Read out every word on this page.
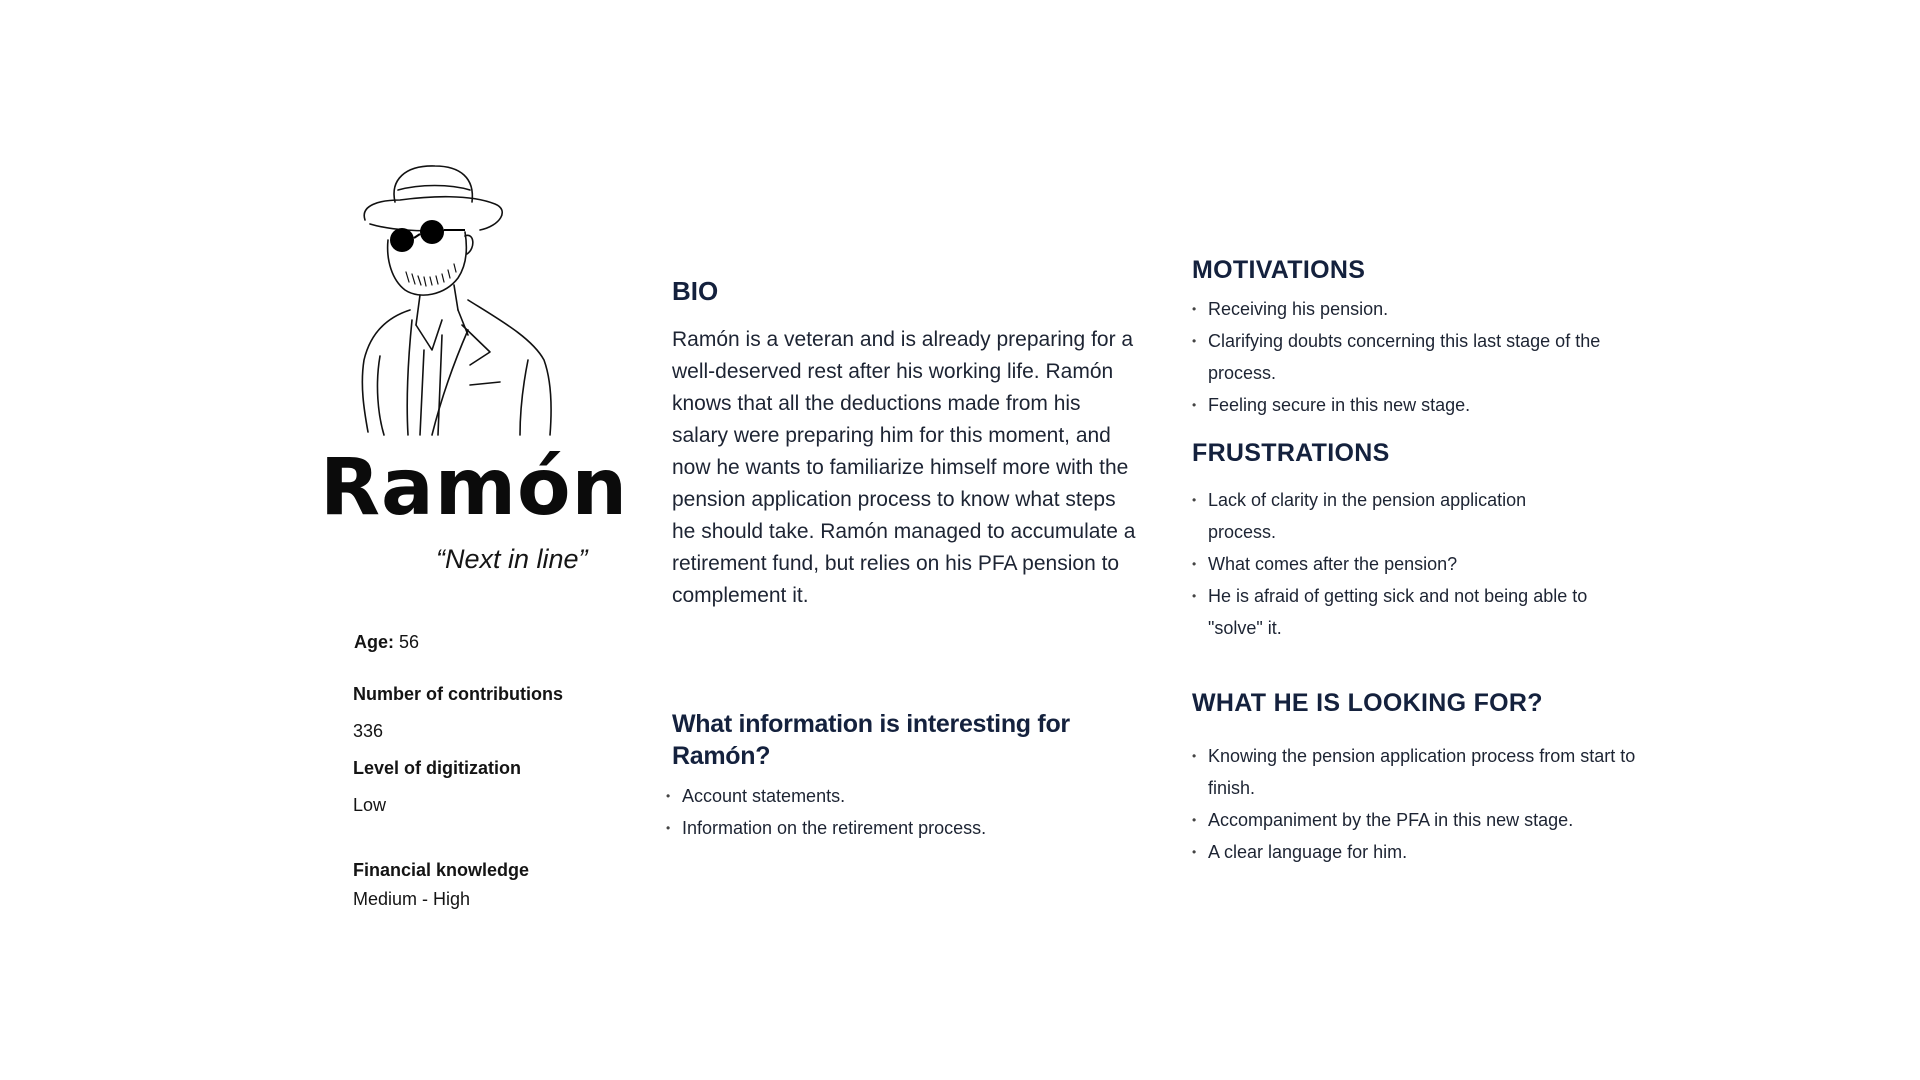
Ramón
“Next in line”
Age: 56
Number of contributions
336
Level of digitization
Low
Financial knowledge
Medium - High
BIO

Ramón is a veteran and is already preparing for a well-deserved rest after his working life. Ramón knows that all the deductions made from his salary were preparing him for this moment, and now he wants to familiarize himself more with the pension application process to know what steps he should take. Ramón managed to accumulate a retirement fund, but relies on his PFA pension to complement it.

What information is interesting for Ramón?
• Account statements.
• Information on the retirement process.
MOTIVATIONS
• Receiving his pension.
• Clarifying doubts concerning this last stage of the process.
• Feeling secure in this new stage.
FRUSTRATIONS
• Lack of clarity in the pension application process.
• What comes after the pension?
• He is afraid of getting sick and not being able to "solve" it.
WHAT HE IS LOOKING FOR?
• Knowing the pension application process from start to finish.
• Accompaniment by the PFA in this new stage.
• A clear language for him.
